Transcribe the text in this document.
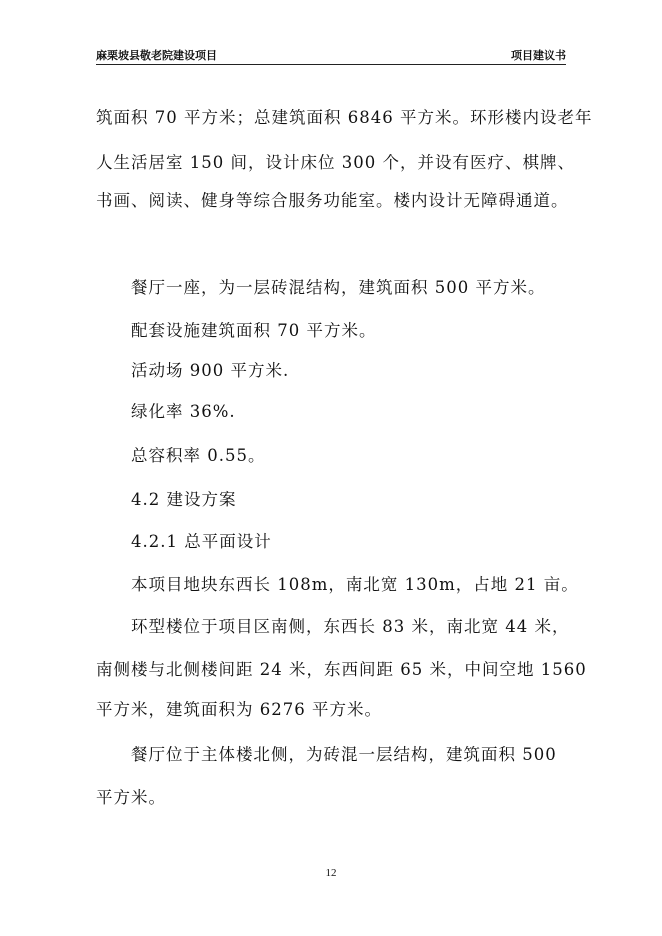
麻栗坡县敬老院建设项目	项目建议书

筑面积 70 平方米；总建筑面积 6846 平方米。环形楼内设老年

人生活居室 150 间，设计床位 300 个，并设有医疗、棋牌、

书画、阅读、健身等综合服务功能室。楼内设计无障碍通道。

餐厅一座，为一层砖混结构，建筑面积 500 平方米。

配套设施建筑面积 70 平方米。

活动场 900 平方米.

绿化率 36%.

总容积率 0.55。

4.2 建设方案

4.2.1 总平面设计

本项目地块东西长 108m，南北宽 130m，占地 21 亩。

环型楼位于项目区南侧，东西长 83 米，南北宽 44 米，

南侧楼与北侧楼间距 24 米，东西间距 65 米，中间空地 1560

平方米，建筑面积为 6276 平方米。

餐厅位于主体楼北侧，为砖混一层结构，建筑面积 500

平方米。

12
